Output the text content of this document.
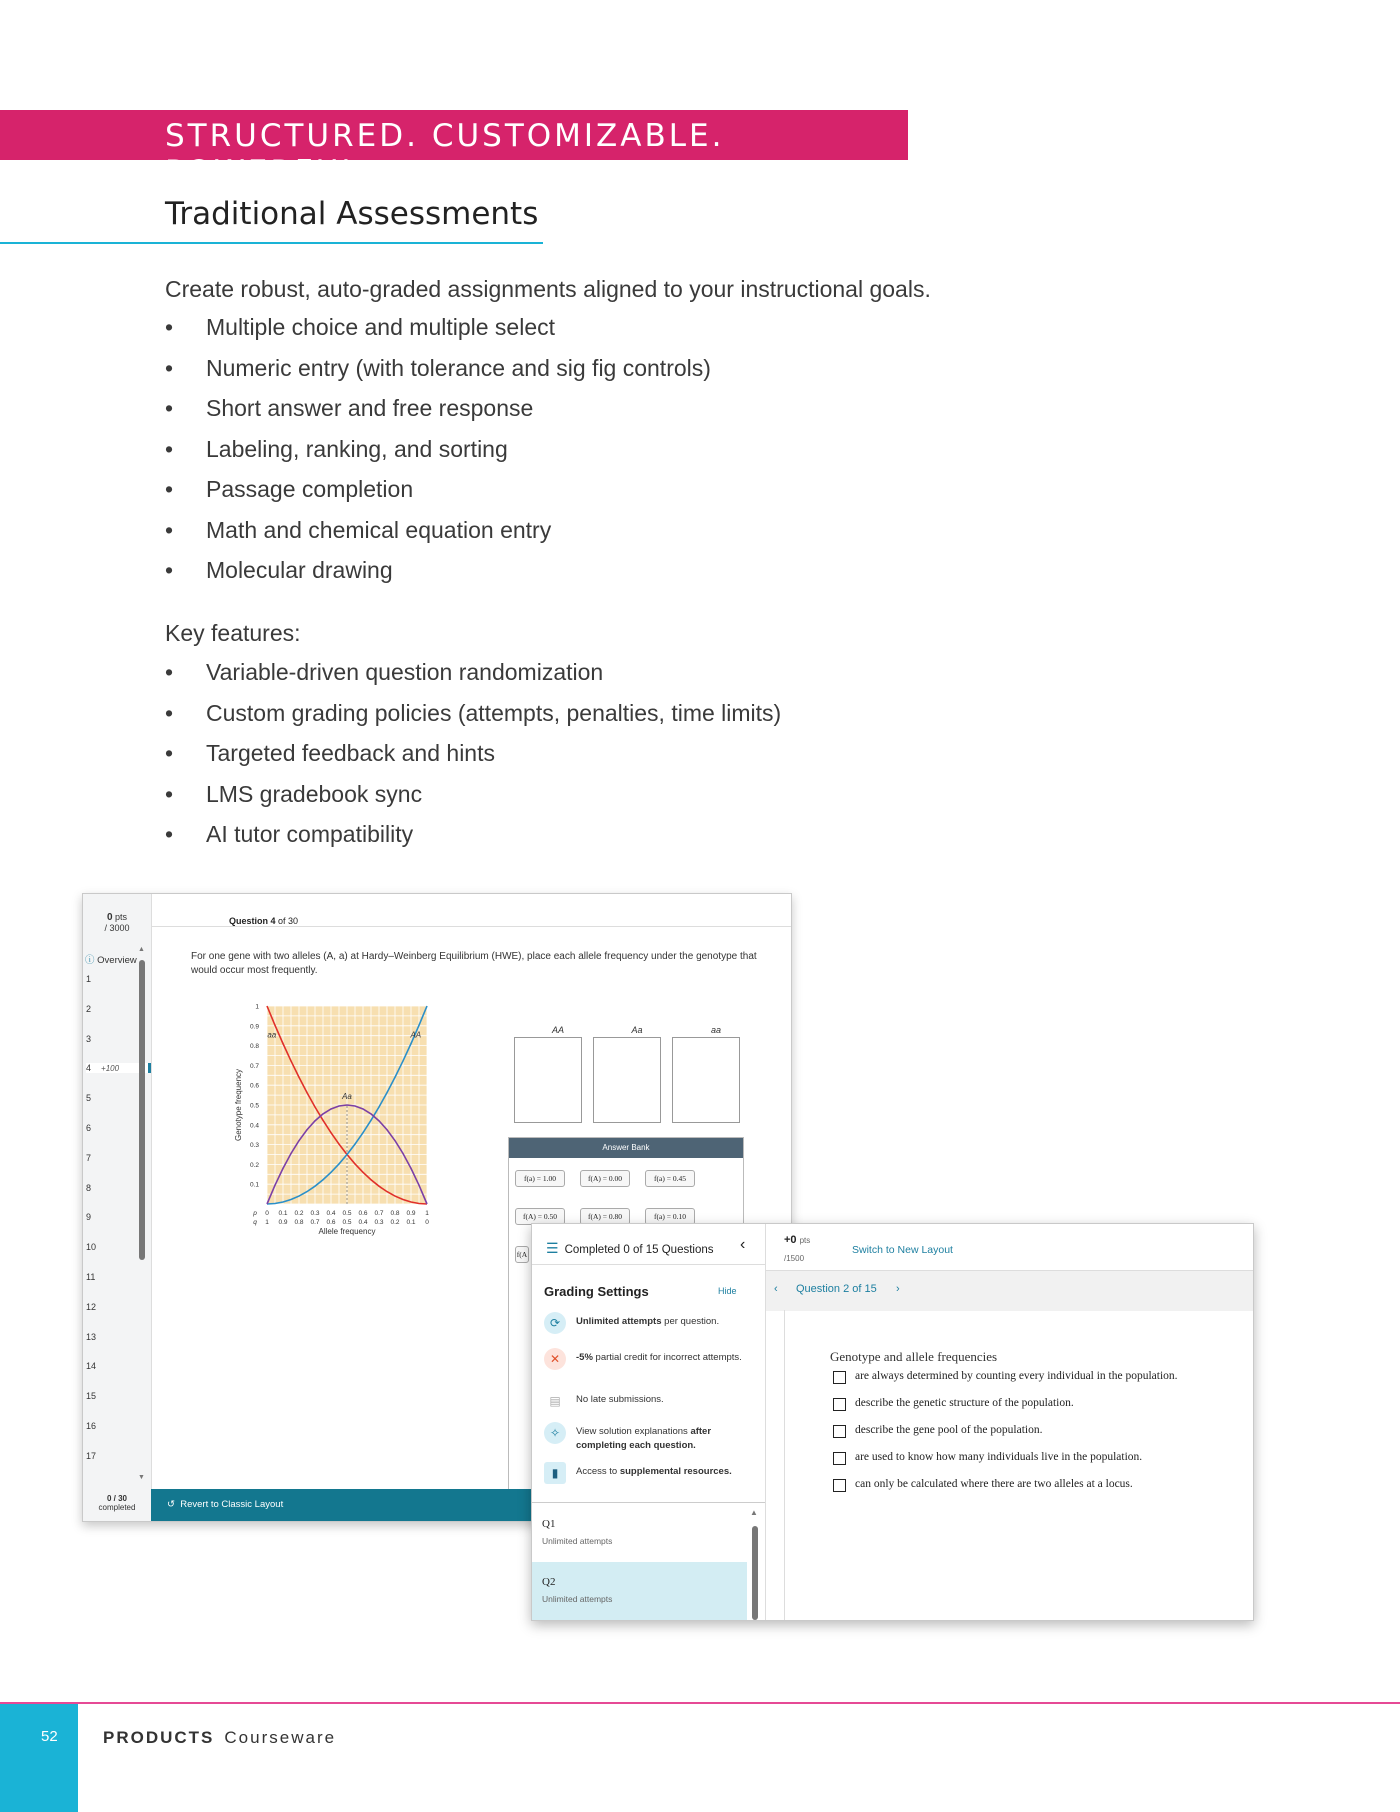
STRUCTURED. CUSTOMIZABLE. POWERFUL.
Traditional Assessments
Create robust, auto-graded assignments aligned to your instructional goals.
• Multiple choice and multiple select
• Numeric entry (with tolerance and sig fig controls)
• Short answer and free response
• Labeling, ranking, and sorting
• Passage completion
• Math and chemical equation entry
• Molecular drawing
Key features:
• Variable-driven question randomization
• Custom grading policies (attempts, penalties, time limits)
• Targeted feedback and hints
• LMS gradebook sync
• AI tutor compatibility
0 pts
/ 3000
ⓘ Overview
1
2
3
4 +100
5
6
7
8
9
10
11
12
13
14
15
16
17
▲
▼
0 / 30
completed
Question 4 of 30
For one gene with two alleles (A, a) at Hardy–Weinberg Equilibrium (HWE), place each allele frequency under the genotype that would occur most frequently.
aa	AA
Aa
0.1
0.2
0.3
0.4
0.5
0.6
0.7
0.8
0.9
1
0 0.1 0.2 0.3 0.4 0.5 0.6 0.7 0.8 0.9 1
1 0.9 0.8 0.7 0.6 0.5 0.4 0.3 0.2 0.1 0
p
q
Allele frequency
Genotype frequency
AA	Aa	aa
Answer Bank
f(a) = 1.00	f(A) = 0.00	f(a) = 0.45
f(A) = 0.50	f(A) = 0.80	f(a) = 0.10
f(A
↺ Revert to Classic Layout
☰ Completed 0 of 15 Questions ‹
Grading Settings	Hide
⟳	Unlimited attempts per question.
✕	-5% partial credit for incorrect attempts.
▤	No late submissions.
✧	View solution explanations after completing each question.
▮	Access to supplemental resources.
Q1
Unlimited attempts
Q2
Unlimited attempts
▲
+0 pts
/1500
Switch to New Layout
‹ Question 2 of 15 ›
Genotype and allele frequencies
are always determined by counting every individual in the population.
describe the genetic structure of the population.
describe the gene pool of the population.
are used to know how many individuals live in the population.
can only be calculated where there are two alleles at a locus.
52	PRODUCTS Courseware
